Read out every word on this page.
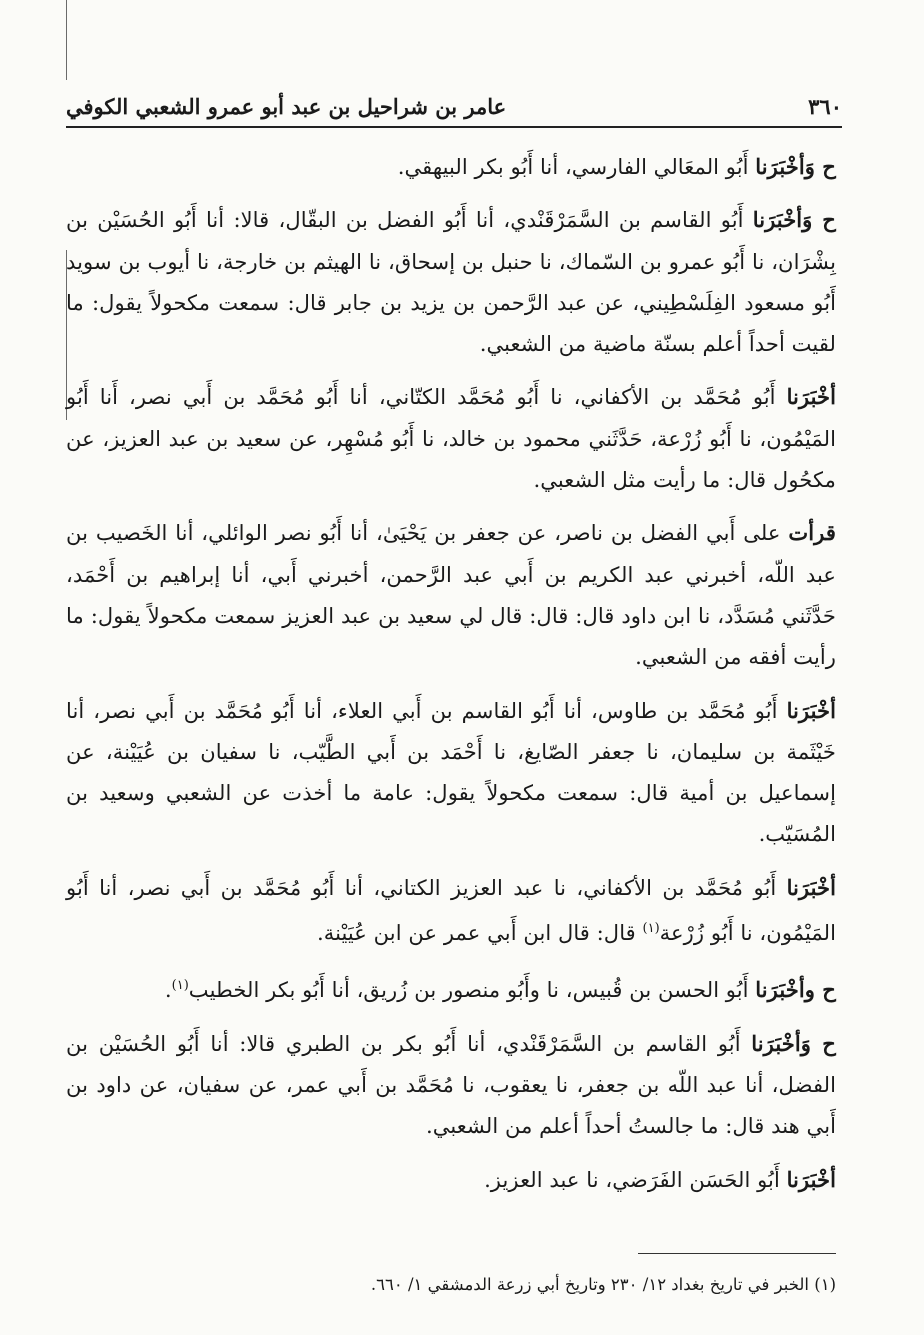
٣٦٠
عامر بن شراحيل بن عبد أبو عمرو الشعبي الكوفي

ح وَأخْبَرَنا أَبُو المعَالي الفارسي، أنا أَبُو بكر البيهقي.

ح وَأخْبَرَنا أَبُو القاسم بن السَّمَرْقَنْدي، أنا أَبُو الفضل بن البقّال، قالا: أنا أَبُو الحُسَيْن بن بِشْرَان، نا أَبُو عمرو بن السّماك، نا حنبل بن إسحاق، نا الهيثم بن خارجة، نا أيوب بن سويد أَبُو مسعود الفِلَسْطِيني، عن عبد الرَّحمن بن يزيد بن جابر قال: سمعت مكحولاً يقول: ما لقيت أحداً أعلم بسنّة ماضية من الشعبي.

أخْبَرَنا أَبُو مُحَمَّد بن الأكفاني، نا أَبُو مُحَمَّد الكتّاني، أنا أَبُو مُحَمَّد بن أَبي نصر، أَنا أَبُو المَيْمُون، نا أَبُو زُرْعة، حَدَّثَني محمود بن خالد، نا أَبُو مُسْهِر، عن سعيد بن عبد العزيز، عن مكحُول قال: ما رأيت مثل الشعبي.

قرأت على أَبي الفضل بن ناصر، عن جعفر بن يَحْيَىٰ، أنا أَبُو نصر الوائلي، أنا الخَصيب بن عبد اللّه، أخبرني عبد الكريم بن أَبي عبد الرَّحمن، أخبرني أَبي، أنا إبراهيم بن أَحْمَد، حَدَّثَني مُسَدَّد، نا ابن داود قال: قال: قال لي سعيد بن عبد العزيز سمعت مكحولاً يقول: ما رأيت أفقه من الشعبي.

أخْبَرَنا أَبُو مُحَمَّد بن طاوس، أنا أَبُو القاسم بن أَبي العلاء، أنا أَبُو مُحَمَّد بن أَبي نصر، أنا خَيْثَمة بن سليمان، نا جعفر الصّايغ، نا أَحْمَد بن أَبي الطَّيّب، نا سفيان بن عُيَيْنة، عن إسماعيل بن أمية قال: سمعت مكحولاً يقول: عامة ما أخذت عن الشعبي وسعيد بن المُسَيّب.

أخْبَرَنا أَبُو مُحَمَّد بن الأكفاني، نا عبد العزيز الكتاني، أنا أَبُو مُحَمَّد بن أَبي نصر، أنا أَبُو المَيْمُون، نا أَبُو زُرْعة$^{(١)}$ قال: قال ابن أَبي عمر عن ابن عُيَيْنة.

ح وأخْبَرَنا أَبُو الحسن بن قُبيس، نا وأَبُو منصور بن زُريق، أنا أَبُو بكر الخطيب$^{(١)}$.

ح وَأخْبَرَنا أَبُو القاسم بن السَّمَرْقَنْدي، أنا أَبُو بكر بن الطبري قالا: أنا أَبُو الحُسَيْن بن الفضل، أنا عبد اللّه بن جعفر، نا يعقوب، نا مُحَمَّد بن أَبي عمر، عن سفيان، عن داود بن أَبي هند قال: ما جالستُ أحداً أعلم من الشعبي.

أخْبَرَنا أَبُو الحَسَن الفَرَضي، نا عبد العزيز.

(١) الخبر في تاريخ بغداد ١٢/ ٢٣٠ وتاريخ أبي زرعة الدمشقي ١/ ٦٦٠.
